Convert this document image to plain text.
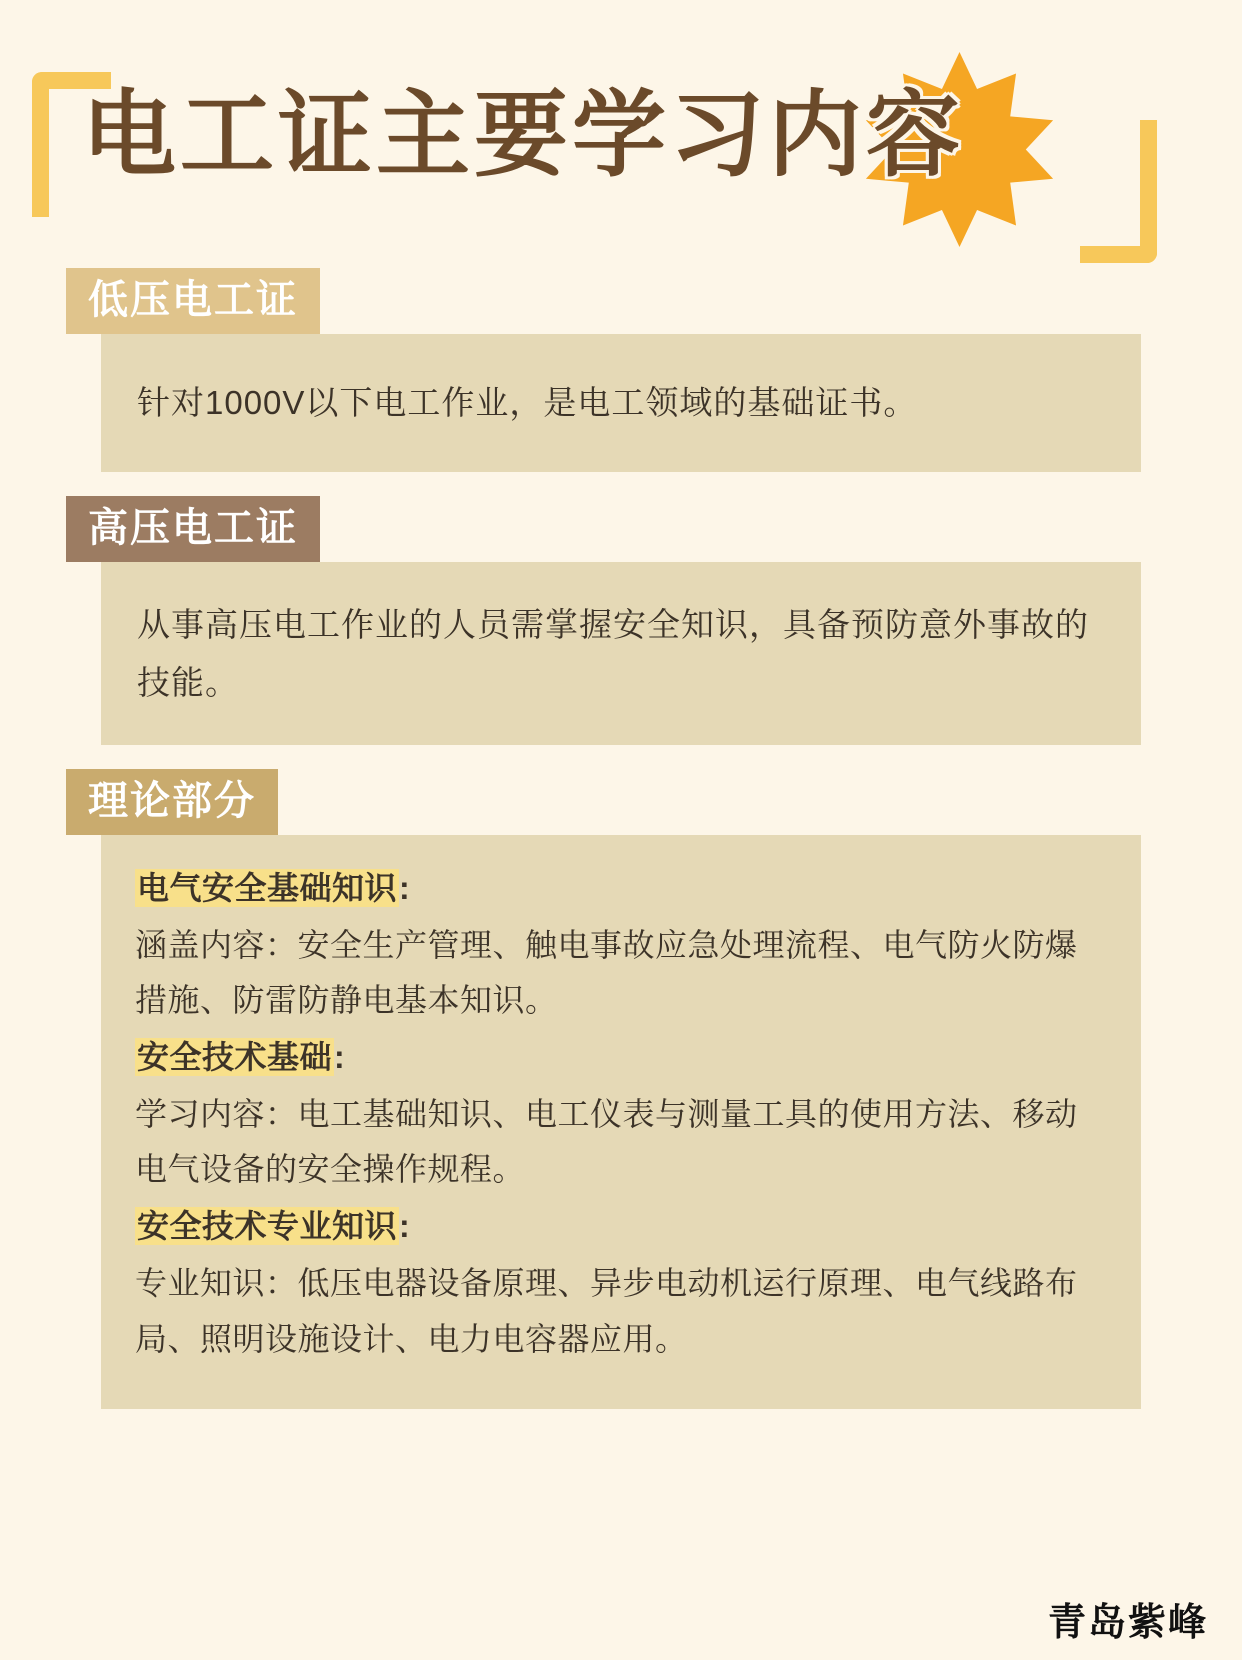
电工证主要学习内容
低压电工证
针对1000V以下电工作业，是电工领域的基础证书。
高压电工证
从事高压电工作业的人员需掌握安全知识，具备预防意外事故的技能。
理论部分
电气安全基础知识:
涵盖内容：安全生产管理、触电事故应急处理流程、电气防火防爆措施、防雷防静电基本知识。
安全技术基础:
学习内容：电工基础知识、电工仪表与测量工具的使用方法、移动电气设备的安全操作规程。
安全技术专业知识:
专业知识：低压电器设备原理、异步电动机运行原理、电气线路布局、照明设施设计、电力电容器应用。
青岛紫峰
